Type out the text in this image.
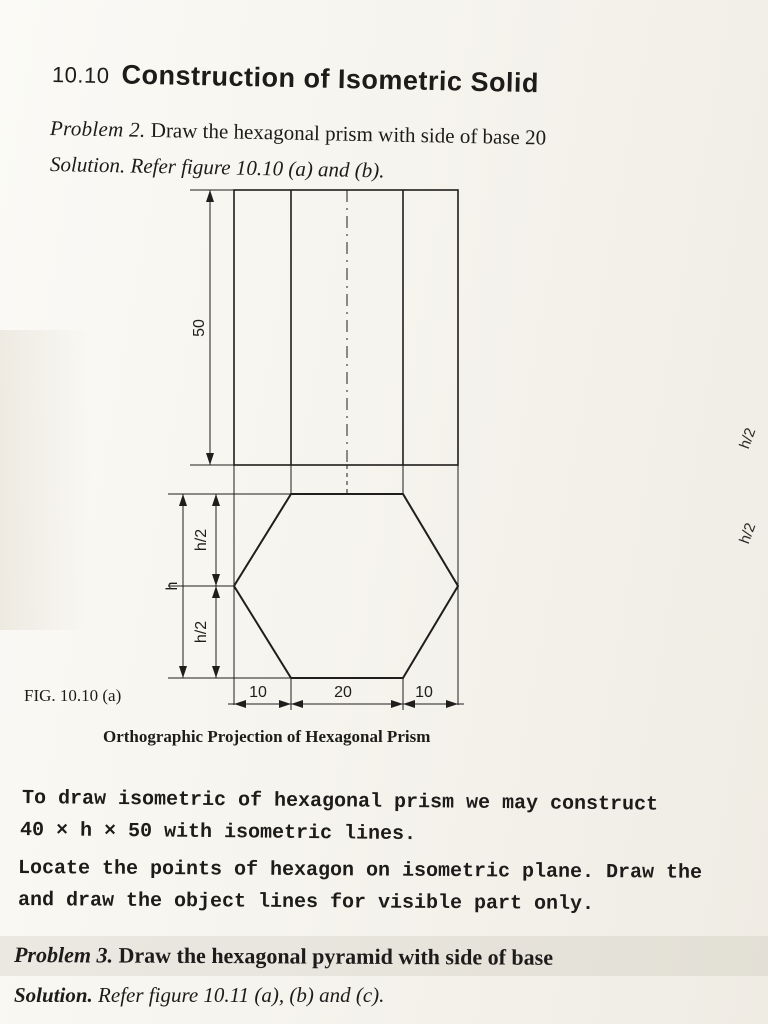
10.10 Construction of Isometric Solid
Problem 2. Draw the hexagonal prism with side of base 20
Solution. Refer figure 10.10 (a) and (b).
50
h/2
h/2
h
10	20	10
h/2
h/2
FIG. 10.10 (a)
Orthographic Projection of Hexagonal Prism
To draw isometric of hexagonal prism we may construct
40 × h × 50 with isometric lines.
Locate the points of hexagon on isometric plane. Draw the
and draw the object lines for visible part only.
Problem 3. Draw the hexagonal pyramid with side of base
Solution. Refer figure 10.11 (a), (b) and (c).
